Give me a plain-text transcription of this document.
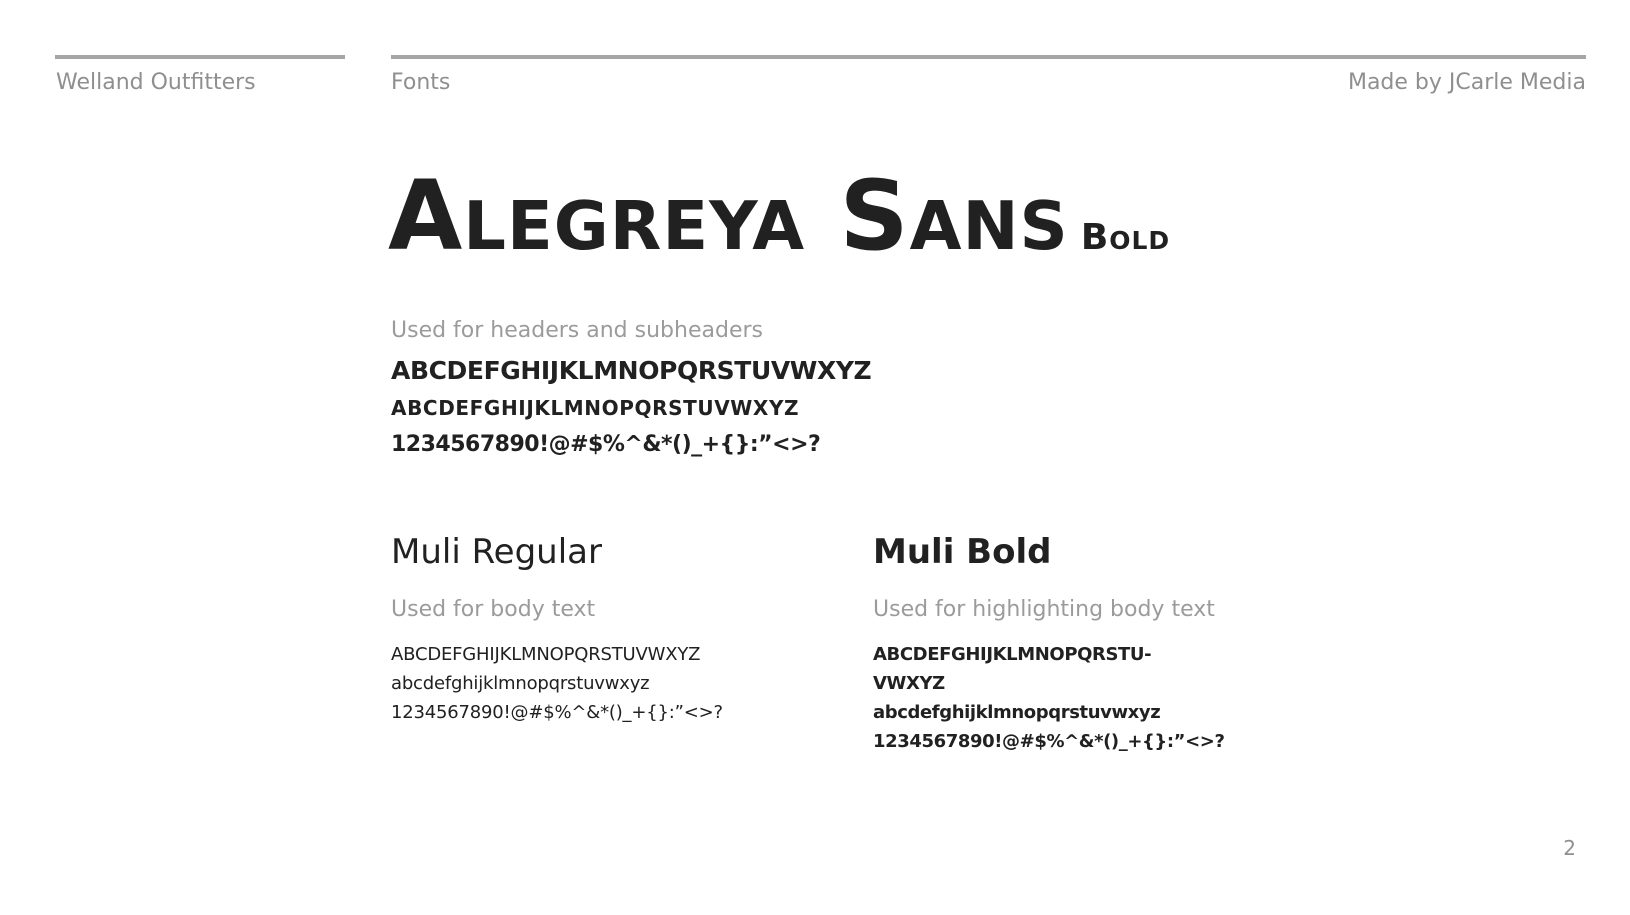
Welland Outfitters	Fonts	Made by JCarle Media
Alegreya Sans Bold
Used for headers and subheaders
ABCDEFGHIJKLMNOPQRSTUVWXYZ
ABCDEFGHIJKLMNOPQRSTUVWXYZ
1234567890!@#$%^&*()_+{}:”<>?
Muli Regular	Muli Bold
Used for body text	Used for highlighting body text
ABCDEFGHIJKLMNOPQRSTUVWXYZ
abcdefghijklmnopqrstuvwxyz
1234567890!@#$%^&*()_+{}:”<>?
ABCDEFGHIJKLMNOPQRSTU-
VWXYZ
abcdefghijklmnopqrstuvwxyz
1234567890!@#$%^&*()_+{}:”<>?
2
